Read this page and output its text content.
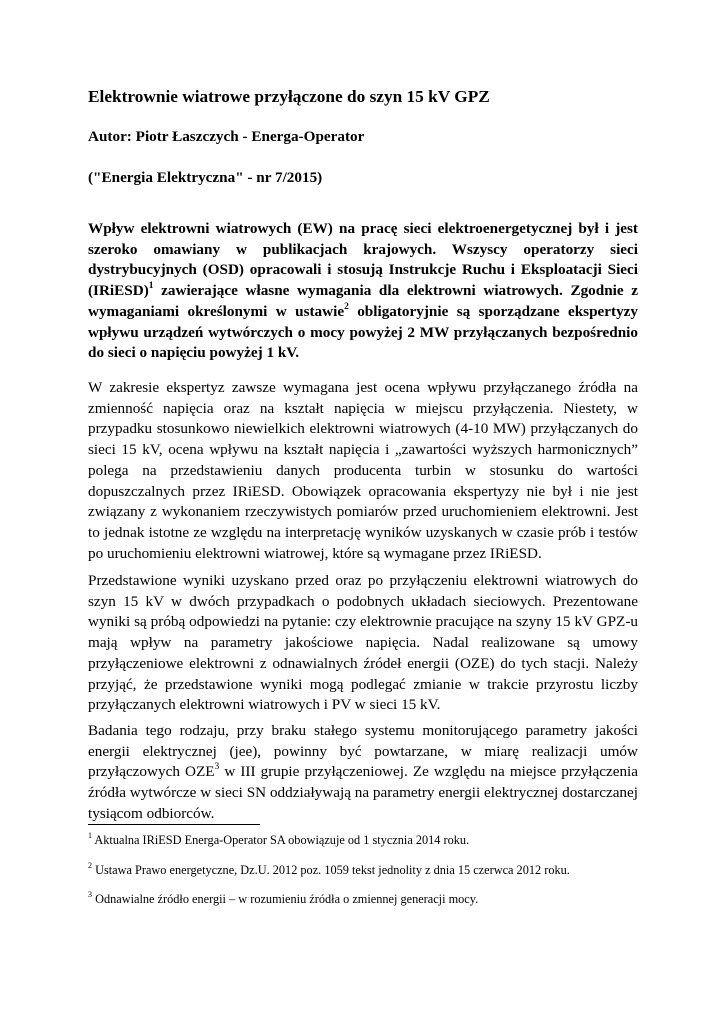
Elektrownie wiatrowe przyłączone do szyn 15 kV GPZ

Autor: Piotr Łaszczych - Energa-Operator

("Energia Elektryczna" - nr 7/2015)

Wpływ elektrowni wiatrowych (EW) na pracę sieci elektroenergetycznej był i jest szeroko omawiany w publikacjach krajowych. Wszyscy operatorzy sieci dystrybucyjnych (OSD) opracowali i stosują Instrukcje Ruchu i Eksploatacji Sieci (IRiESD)$^1$ zawierające własne wymagania dla elektrowni wiatrowych. Zgodnie z wymaganiami określonymi w ustawie$^2$ obligatoryjnie są sporządzane ekspertyzy wpływu urządzeń wytwórczych o mocy powyżej 2 MW przyłączanych bezpośrednio do sieci o napięciu powyżej 1 kV.

W zakresie ekspertyz zawsze wymagana jest ocena wpływu przyłączanego źródła na zmienność napięcia oraz na kształt napięcia w miejscu przyłączenia. Niestety, w przypadku stosunkowo niewielkich elektrowni wiatrowych (4-10 MW) przyłączanych do sieci 15 kV, ocena wpływu na kształt napięcia i „zawartości wyższych harmonicznych” polega na przedstawieniu danych producenta turbin w stosunku do wartości dopuszczalnych przez IRiESD. Obowiązek opracowania ekspertyzy nie był i nie jest związany z wykonaniem rzeczywistych pomiarów przed uruchomieniem elektrowni. Jest to jednak istotne ze względu na interpretację wyników uzyskanych w czasie prób i testów po uruchomieniu elektrowni wiatrowej, które są wymagane przez IRiESD.

Przedstawione wyniki uzyskano przed oraz po przyłączeniu elektrowni wiatrowych do szyn 15 kV w dwóch przypadkach o podobnych układach sieciowych. Prezentowane wyniki są próbą odpowiedzi na pytanie: czy elektrownie pracujące na szyny 15 kV GPZ-u mają wpływ na parametry jakościowe napięcia. Nadal realizowane są umowy przyłączeniowe elektrowni z odnawialnych źródeł energii (OZE) do tych stacji. Należy przyjąć, że przedstawione wyniki mogą podlegać zmianie w trakcie przyrostu liczby przyłączanych elektrowni wiatrowych i PV w sieci 15 kV.

Badania tego rodzaju, przy braku stałego systemu monitorującego parametry jakości energii elektrycznej (jee), powinny być powtarzane, w miarę realizacji umów przyłączowych OZE$^3$ w III grupie przyłączeniowej. Ze względu na miejsce przyłączenia źródła wytwórcze w sieci SN oddziaływają na parametry energii elektrycznej dostarczanej tysiącom odbiorców.

$^1$ Aktualna IRiESD Energa-Operator SA obowiązuje od 1 stycznia 2014 roku.

$^2$ Ustawa Prawo energetyczne, Dz.U. 2012 poz. 1059 tekst jednolity z dnia 15 czerwca 2012 roku.

$^3$ Odnawialne źródło energii – w rozumieniu źródła o zmiennej generacji mocy.
